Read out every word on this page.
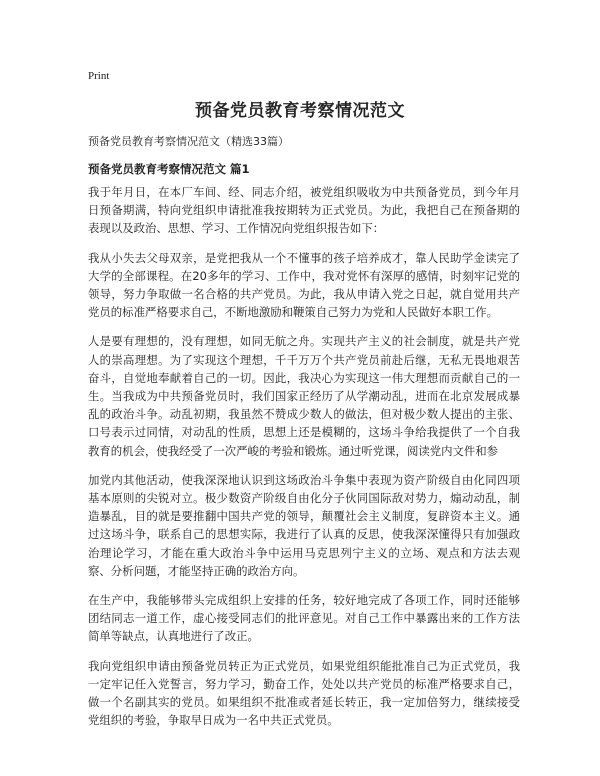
Print
预备党员教育考察情况范文

预备党员教育考察情况范文（精选33篇）

预备党员教育考察情况范文 篇1

我于年月日，在本厂车间、经、同志介绍，被党组织吸收为中共预备党员，到今年月日预备期满，特向党组织申请批准我按期转为正式党员。为此，我把自己在预备期的表现以及政治、思想、学习、工作情况向党组织报告如下：

我从小失去父母双亲，是党把我从一个不懂事的孩子培养成才，靠人民助学金读完了大学的全部课程。在20多年的学习、工作中，我对党怀有深厚的感情，时刻牢记党的领导，努力争取做一名合格的共产党员。为此，我从申请入党之日起，就自觉用共产党员的标准严格要求自己，不断地激励和鞭策自己努力为党和人民做好本职工作。

人是要有理想的，没有理想，如同无航之舟。实现共产主义的社会制度，就是共产党人的崇高理想。为了实现这个理想，千千万万个共产党员前赴后继，无私无畏地艰苦奋斗，自觉地奉献着自己的一切。因此，我决心为实现这一伟大理想而贡献自己的一生。当我成为中共预备党员时，我们国家正经历了从学潮动乱，进而在北京发展成暴乱的政治斗争。动乱初期，我虽然不赞成少数人的做法，但对极少数人提出的主张、口号表示过同情，对动乱的性质，思想上还是模糊的，这场斗争给我提供了一个自我教育的机会，使我经受了一次严峻的考验和锻炼。通过听党课，阅读党内文件和参

加党内其他活动，使我深深地认识到这场政治斗争集中表现为资产阶级自由化同四项基本原则的尖锐对立。极少数资产阶级自由化分子伙同国际敌对势力，煽动动乱，制造暴乱，目的就是要推翻中国共产党的领导，颠覆社会主义制度，复辟资本主义。通过这场斗争，联系自己的思想实际，我进行了认真的反思，使我深深懂得只有加强政治理论学习，才能在重大政治斗争中运用马克思列宁主义的立场、观点和方法去观察、分析问题，才能坚持正确的政治方向。

在生产中，我能够带头完成组织上安排的任务，较好地完成了各项工作，同时还能够团结同志一道工作，虚心接受同志们的批评意见。对自己工作中暴露出来的工作方法简单等缺点，认真地进行了改正。

我向党组织申请由预备党员转正为正式党员，如果党组织能批准自己为正式党员，我一定牢记任入党誓言，努力学习，勤奋工作，处处以共产党员的标准严格要求自己，做一个名副其实的党员。如果组织不批准或者延长转正，我一定加倍努力，继续接受党组织的考验，争取早日成为一名中共正式党员。
